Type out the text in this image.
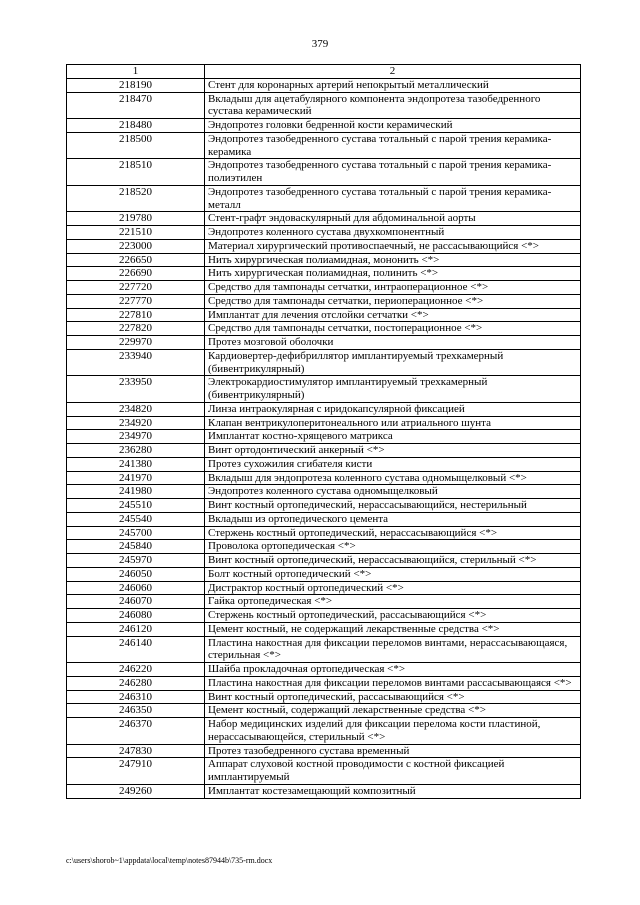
379
1	2
218190	Стент для коронарных артерий непокрытый металлический
218470	Вкладыш для ацетабулярного компонента эндопротеза тазобедренного сустава керамический
218480	Эндопротез головки бедренной кости керамический
218500	Эндопротез тазобедренного сустава тотальный с парой трения керамика-керамика
218510	Эндопротез тазобедренного сустава тотальный с парой трения керамика-полиэтилен
218520	Эндопротез тазобедренного сустава тотальный с парой трения керамика-металл
219780	Стент-графт эндоваскулярный для абдоминальной аорты
221510	Эндопротез коленного сустава двухкомпонентный
223000	Материал хирургический противоспаечный, не рассасывающийся <*>
226650	Нить хирургическая полиамидная, мононить <*>
226690	Нить хирургическая полиамидная, полинить <*>
227720	Средство для тампонады сетчатки, интраоперационное <*>
227770	Средство для тампонады сетчатки, периоперационное <*>
227810	Имплантат для лечения отслойки сетчатки <*>
227820	Средство для тампонады сетчатки, постоперационное <*>
229970	Протез мозговой оболочки
233940	Кардиовертер-дефибриллятор имплантируемый трехкамерный (бивентрикулярный)
233950	Электрокардиостимулятор имплантируемый трехкамерный (бивентрикулярный)
234820	Линза интраокулярная с иридокапсулярной фиксацией
234920	Клапан вентрикулоперитонеального или атриального шунта
234970	Имплантат костно-хрящевого матрикса
236280	Винт ортодонтический анкерный <*>
241380	Протез сухожилия сгибателя кисти
241970	Вкладыш для эндопротеза коленного сустава одномыщелковый <*>
241980	Эндопротез коленного сустава одномыщелковый
245510	Винт костный ортопедический, нерассасывающийся, нестерильный
245540	Вкладыш из ортопедического цемента
245700	Стержень костный ортопедический, нерассасывающийся <*>
245840	Проволока ортопедическая <*>
245970	Винт костный ортопедический, нерассасывающийся, стерильный <*>
246050	Болт костный ортопедический <*>
246060	Дистрактор костный ортопедический <*>
246070	Гайка ортопедическая <*>
246080	Стержень костный ортопедический, рассасывающийся <*>
246120	Цемент костный, не содержащий лекарственные средства <*>
246140	Пластина накостная для фиксации переломов винтами, нерассасывающаяся, стерильная <*>
246220	Шайба прокладочная ортопедическая <*>
246280	Пластина накостная для фиксации переломов винтами рассасывающаяся <*>
246310	Винт костный ортопедический, рассасывающийся <*>
246350	Цемент костный, содержащий лекарственные средства <*>
246370	Набор медицинских изделий для фиксации перелома кости пластиной, нерассасывающейся, стерильный <*>
247830	Протез тазобедренного сустава временный
247910	Аппарат слуховой костной проводимости с костной фиксацией имплантируемый
249260	Имплантат костезамещающий композитный
c:\users\shorob~1\appdata\local\temp\notes87944b\735-rm.docx
